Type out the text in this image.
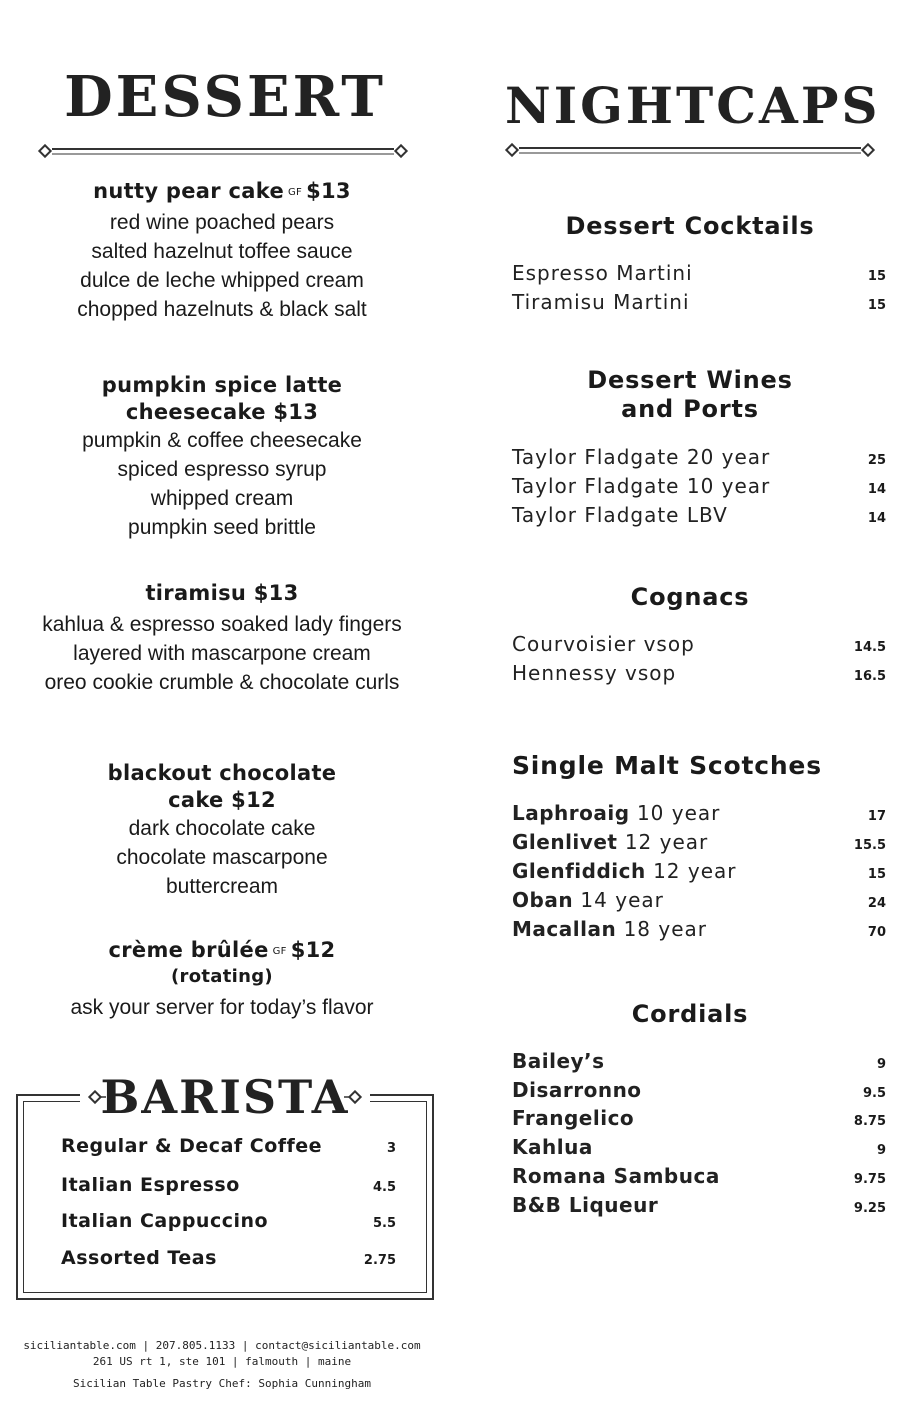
DESSERT
nutty pear cake GF $13
red wine poached pears
salted hazelnut toffee sauce
dulce de leche whipped cream
chopped hazelnuts & black salt
pumpkin spice latte
cheesecake $13
pumpkin & coffee cheesecake
spiced espresso syrup
whipped cream
pumpkin seed brittle
tiramisu $13
kahlua & espresso soaked lady fingers
layered with mascarpone cream
oreo cookie crumble & chocolate curls
blackout chocolate
cake $12
dark chocolate cake
chocolate mascarpone
buttercream
crème brûlée GF $12
(rotating)
ask your server for today’s flavor
BARISTA
Regular & Decaf Coffee	3
Italian Espresso	4.5
Italian Cappuccino	5.5
Assorted Teas	2.75
siciliantable.com | 207.805.1133 | contact@siciliantable.com
261 US rt 1, ste 101 | falmouth | maine
Sicilian Table Pastry Chef: Sophia Cunningham
NIGHTCAPS
Dessert Cocktails
Espresso Martini	15
Tiramisu Martini	15
Dessert Wines
and Ports
Taylor Fladgate 20 year	25
Taylor Fladgate 10 year	14
Taylor Fladgate LBV	14
Cognacs
Courvoisier vsop	14.5
Hennessy vsop	16.5
Single Malt Scotches
Laphroaig 10 year	17
Glenlivet 12 year	15.5
Glenfiddich 12 year	15
Oban 14 year	24
Macallan 18 year	70
Cordials
Bailey’s	9
Disarronno	9.5
Frangelico	8.75
Kahlua	9
Romana Sambuca	9.75
B&B Liqueur	9.25
